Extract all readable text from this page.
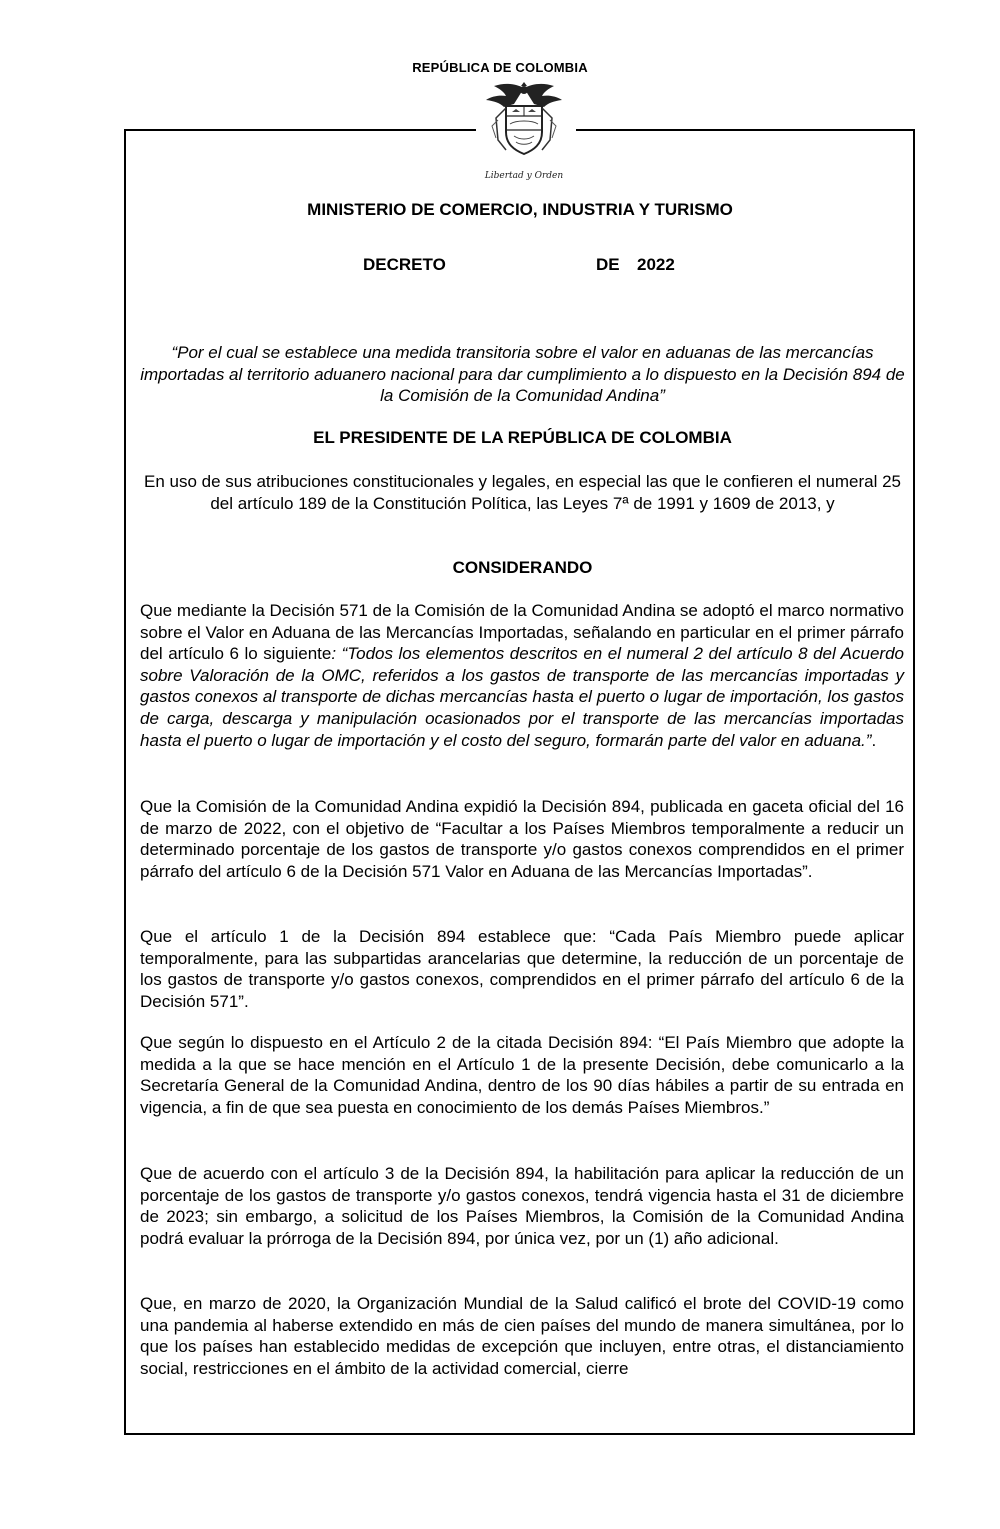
REPÚBLICA DE COLOMBIA
Libertad y Orden
MINISTERIO DE COMERCIO, INDUSTRIA Y TURISMO
DECRETO	DE 2022
“Por el cual se establece una medida transitoria sobre el valor en aduanas de las mercancías importadas al territorio aduanero nacional para dar cumplimiento a lo dispuesto en la Decisión 894 de la Comisión de la Comunidad Andina”
EL PRESIDENTE DE LA REPÚBLICA DE COLOMBIA
En uso de sus atribuciones constitucionales y legales, en especial las que le confieren el numeral 25 del artículo 189 de la Constitución Política, las Leyes 7ª de 1991 y 1609 de 2013, y
CONSIDERANDO

Que mediante la Decisión 571 de la Comisión de la Comunidad Andina se adoptó el marco normativo sobre el Valor en Aduana de las Mercancías Importadas, señalando en particular en el primer párrafo del artículo 6 lo siguiente: “Todos los elementos descritos en el numeral 2 del artículo 8 del Acuerdo sobre Valoración de la OMC, referidos a los gastos de transporte de las mercancías importadas y gastos conexos al transporte de dichas mercancías hasta el puerto o lugar de importación, los gastos de carga, descarga y manipulación ocasionados por el transporte de las mercancías importadas hasta el puerto o lugar de importación y el costo del seguro, formarán parte del valor en aduana.”.

Que la Comisión de la Comunidad Andina expidió la Decisión 894, publicada en gaceta oficial del 16 de marzo de 2022, con el objetivo de “Facultar a los Países Miembros temporalmente a reducir un determinado porcentaje de los gastos de transporte y/o gastos conexos comprendidos en el primer párrafo del artículo 6 de la Decisión 571 Valor en Aduana de las Mercancías Importadas”.

Que el artículo 1 de la Decisión 894 establece que: “Cada País Miembro puede aplicar temporalmente, para las subpartidas arancelarias que determine, la reducción de un porcentaje de los gastos de transporte y/o gastos conexos, comprendidos en el primer párrafo del artículo 6 de la Decisión 571”.

Que según lo dispuesto en el Artículo 2 de la citada Decisión 894: “El País Miembro que adopte la medida a la que se hace mención en el Artículo 1 de la presente Decisión, debe comunicarlo a la Secretaría General de la Comunidad Andina, dentro de los 90 días hábiles a partir de su entrada en vigencia, a fin de que sea puesta en conocimiento de los demás Países Miembros.”

Que de acuerdo con el artículo 3 de la Decisión 894, la habilitación para aplicar la reducción de un porcentaje de los gastos de transporte y/o gastos conexos, tendrá vigencia hasta el 31 de diciembre de 2023; sin embargo, a solicitud de los Países Miembros, la Comisión de la Comunidad Andina podrá evaluar la prórroga de la Decisión 894, por única vez, por un (1) año adicional.

Que, en marzo de 2020, la Organización Mundial de la Salud calificó el brote del COVID-19 como una pandemia al haberse extendido en más de cien países del mundo de manera simultánea, por lo que los países han establecido medidas de excepción que incluyen, entre otras, el distanciamiento social, restricciones en el ámbito de la actividad comercial, cierre
